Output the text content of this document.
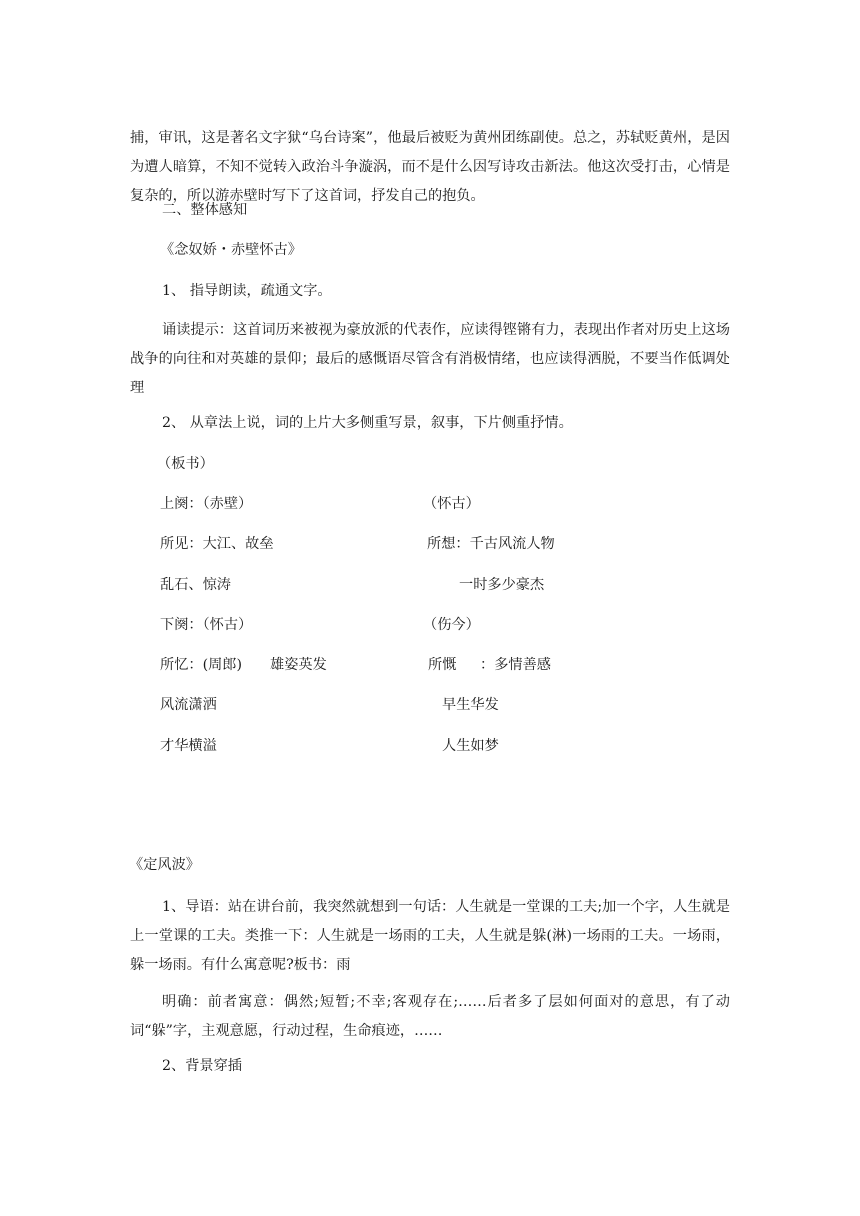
捕，审讯，这是著名文字狱“乌台诗案”，他最后被贬为黄州团练副使。总之，苏轼贬黄州，是因为遭人暗算，不知不觉转入政治斗争漩涡，而不是什么因写诗攻击新法。他这次受打击，心情是复杂的，所以游赤壁时写下了这首词，抒发自己的抱负。

二、整体感知
《念奴娇・赤壁怀古》
1、 指导朗读，疏通文字。

诵读提示：这首词历来被视为豪放派的代表作，应读得铿锵有力，表现出作者对历史上这场战争的向往和对英雄的景仰；最后的感慨语尽管含有消极情绪，也应读得洒脱，不要当作低调处理

2、 从章法上说，词的上片大多侧重写景，叙事，下片侧重抒情。
（板书）
上阕：（赤壁）	（怀古）
所见：大江、故垒	所想：千古风流人物
乱石、惊涛	一时多少豪杰
下阕：（怀古）	（伤今）
所忆：(周郎) 雄姿英发	所慨 ：多情善感
风流潇洒	早生华发
才华横溢	人生如梦
《定风波》

1、导语：站在讲台前，我突然就想到一句话：人生就是一堂课的工夫;加一个字，人生就是上一堂课的工夫。类推一下：人生就是一场雨的工夫，人生就是躲(淋)一场雨的工夫。一场雨，躲一场雨。有什么寓意呢?板书：雨

明确：前者寓意：偶然;短暂;不幸;客观存在;……后者多了层如何面对的意思，有了动词“躲”字，主观意愿，行动过程，生命痕迹，……

2、背景穿插
